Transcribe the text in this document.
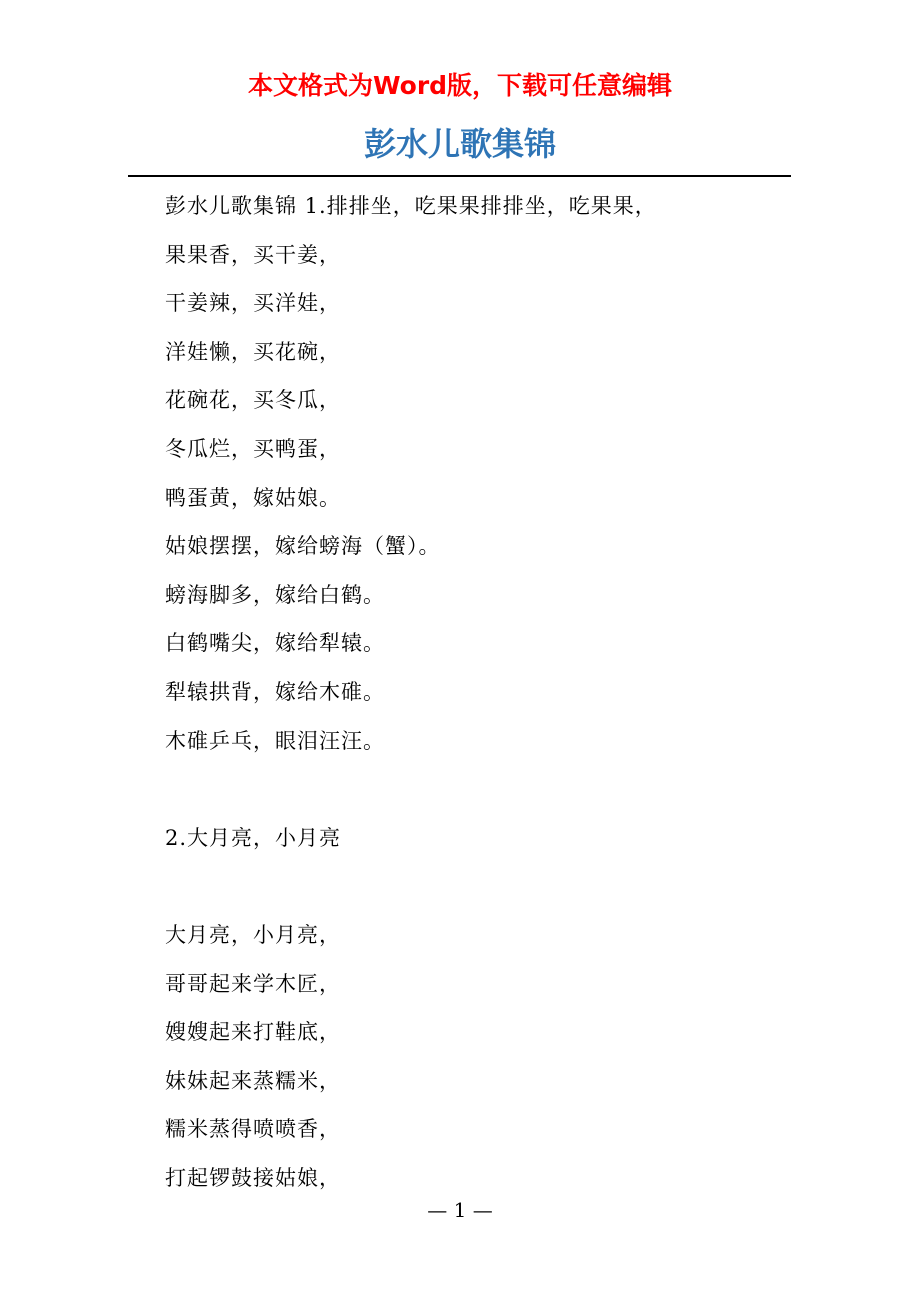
本文格式为Word版，下载可任意编辑
彭水儿歌集锦
彭水儿歌集锦 1.排排坐，吃果果排排坐，吃果果，
果果香，买干姜，
干姜辣，买洋娃，
洋娃懒，买花碗，
花碗花，买冬瓜，
冬瓜烂，买鸭蛋，
鸭蛋黄，嫁姑娘。
姑娘摆摆，嫁给螃海（蟹）。
螃海脚多，嫁给白鹤。
白鹤嘴尖，嫁给犁辕。
犁辕拱背，嫁给木碓。
木碓乒乓，眼泪汪汪。
2.大月亮，小月亮
大月亮，小月亮，
哥哥起来学木匠，
嫂嫂起来打鞋底，
妹妹起来蒸糯米，
糯米蒸得喷喷香，
打起锣鼓接姑娘，
— 1 —
